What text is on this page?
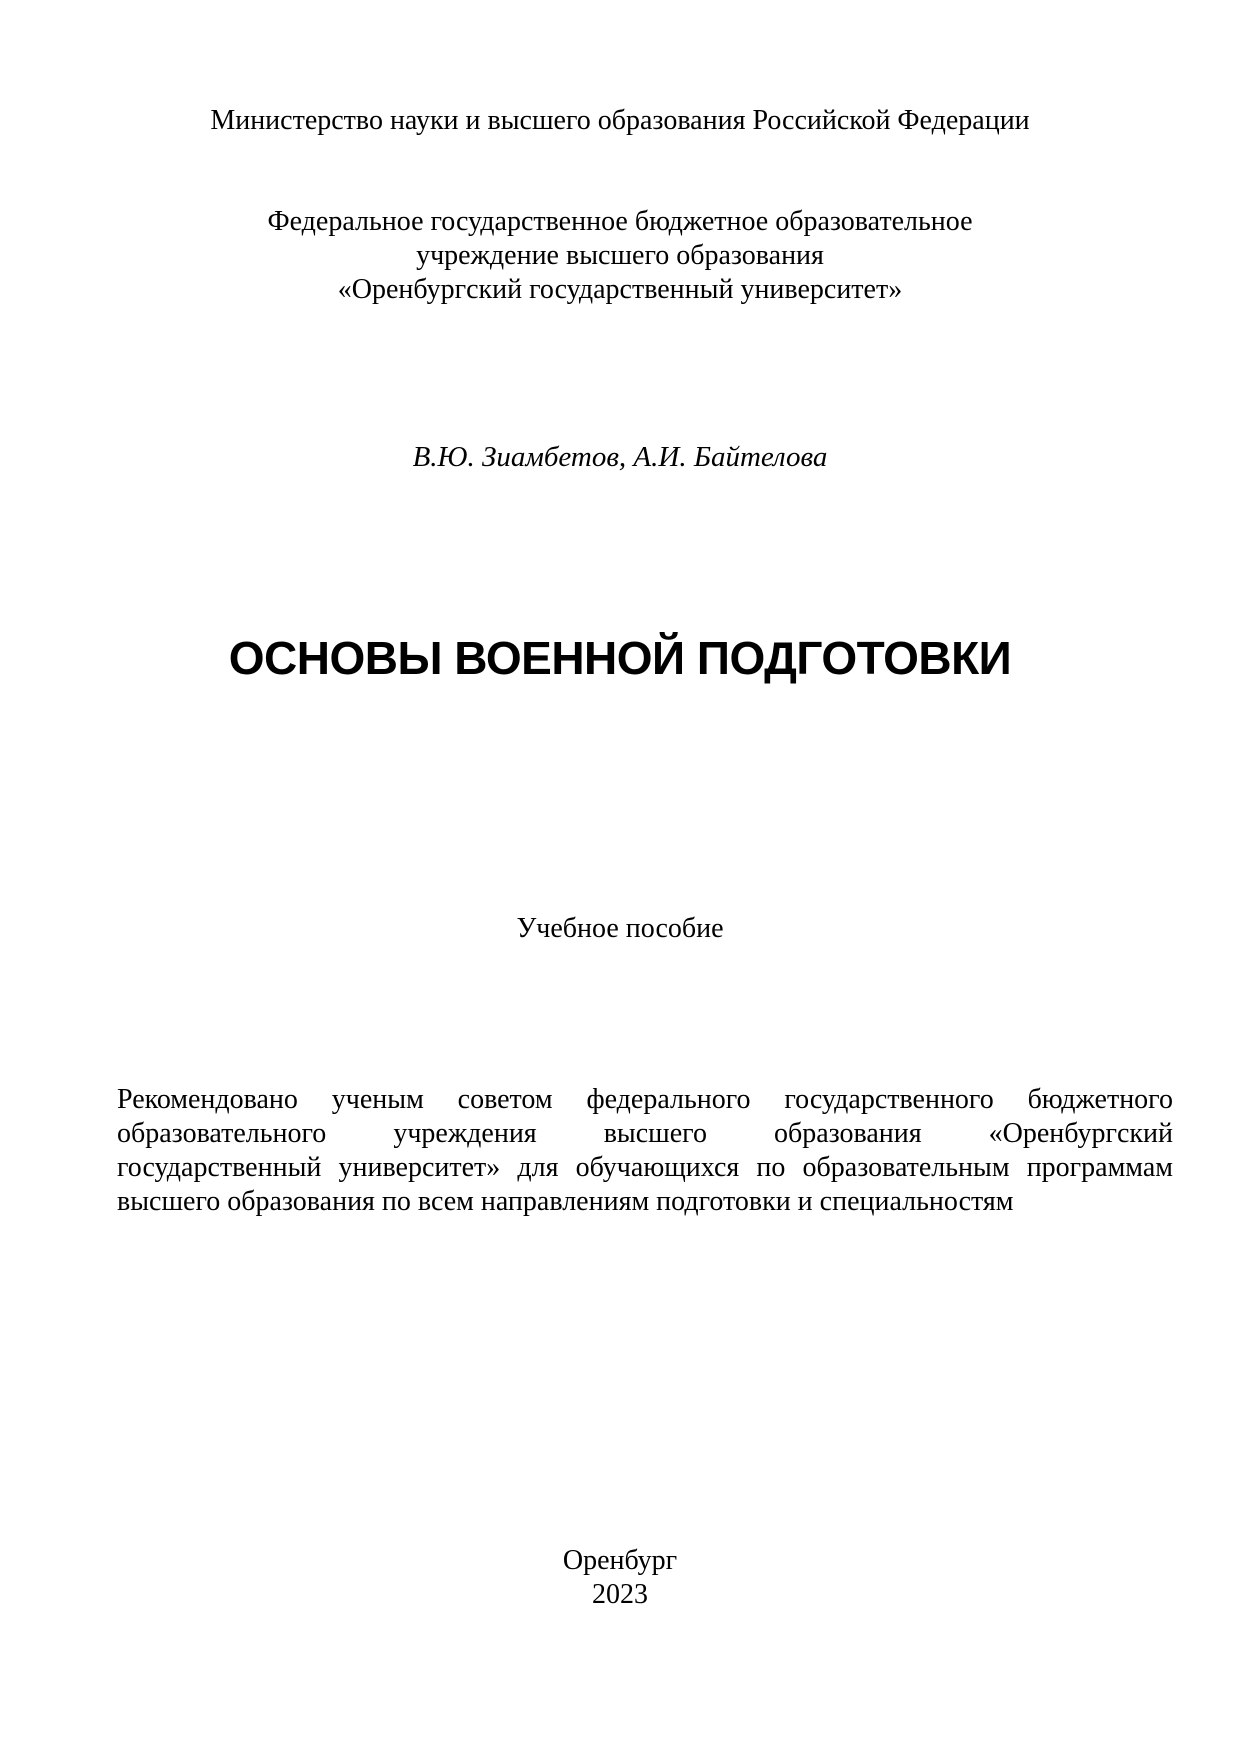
Министерство науки и высшего образования Российской Федерации
Федеральное государственное бюджетное образовательное
учреждение высшего образования
«Оренбургский государственный университет»
В.Ю. Зиамбетов, А.И. Байтелова
ОСНОВЫ ВОЕННОЙ ПОДГОТОВКИ
Учебное пособие
Рекомендовано ученым советом федерального государственного бюджетного
образовательного учреждения высшего образования «Оренбургский
государственный университет» для обучающихся по образовательным программам
высшего образования по всем направлениям подготовки и специальностям
Оренбург
2023
